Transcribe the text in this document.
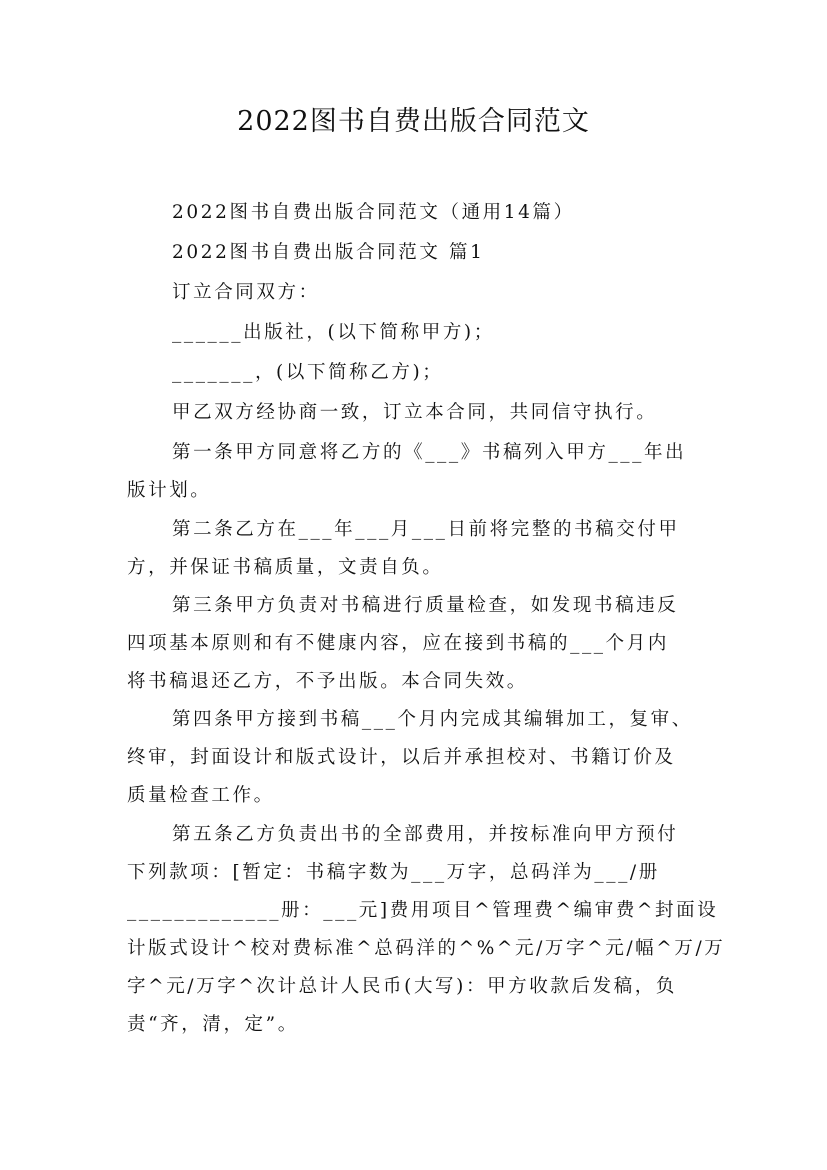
2022图书自费出版合同范文
2022图书自费出版合同范文（通用14篇）
2022图书自费出版合同范文 篇1
订立合同双方：
______出版社，(以下简称甲方)；
_______，(以下简称乙方)；
甲乙双方经协商一致，订立本合同，共同信守执行。
第一条甲方同意将乙方的《___》书稿列入甲方___年出
版计划。
第二条乙方在___年___月___日前将完整的书稿交付甲
方，并保证书稿质量，文责自负。
第三条甲方负责对书稿进行质量检查，如发现书稿违反
四项基本原则和有不健康内容，应在接到书稿的___个月内
将书稿退还乙方，不予出版。本合同失效。
第四条甲方接到书稿___个月内完成其编辑加工，复审、
终审，封面设计和版式设计，以后并承担校对、书籍订价及
质量检查工作。
第五条乙方负责出书的全部费用，并按标准向甲方预付
下列款项：[暂定：书稿字数为___万字，总码洋为___/册
_____________册：___元]费用项目^管理费^编审费^封面设
计版式设计^校对费标准^总码洋的^%^元/万字^元/幅^万/万
字^元/万字^次计总计人民币(大写)：甲方收款后发稿，负
责“齐，清，定”。
